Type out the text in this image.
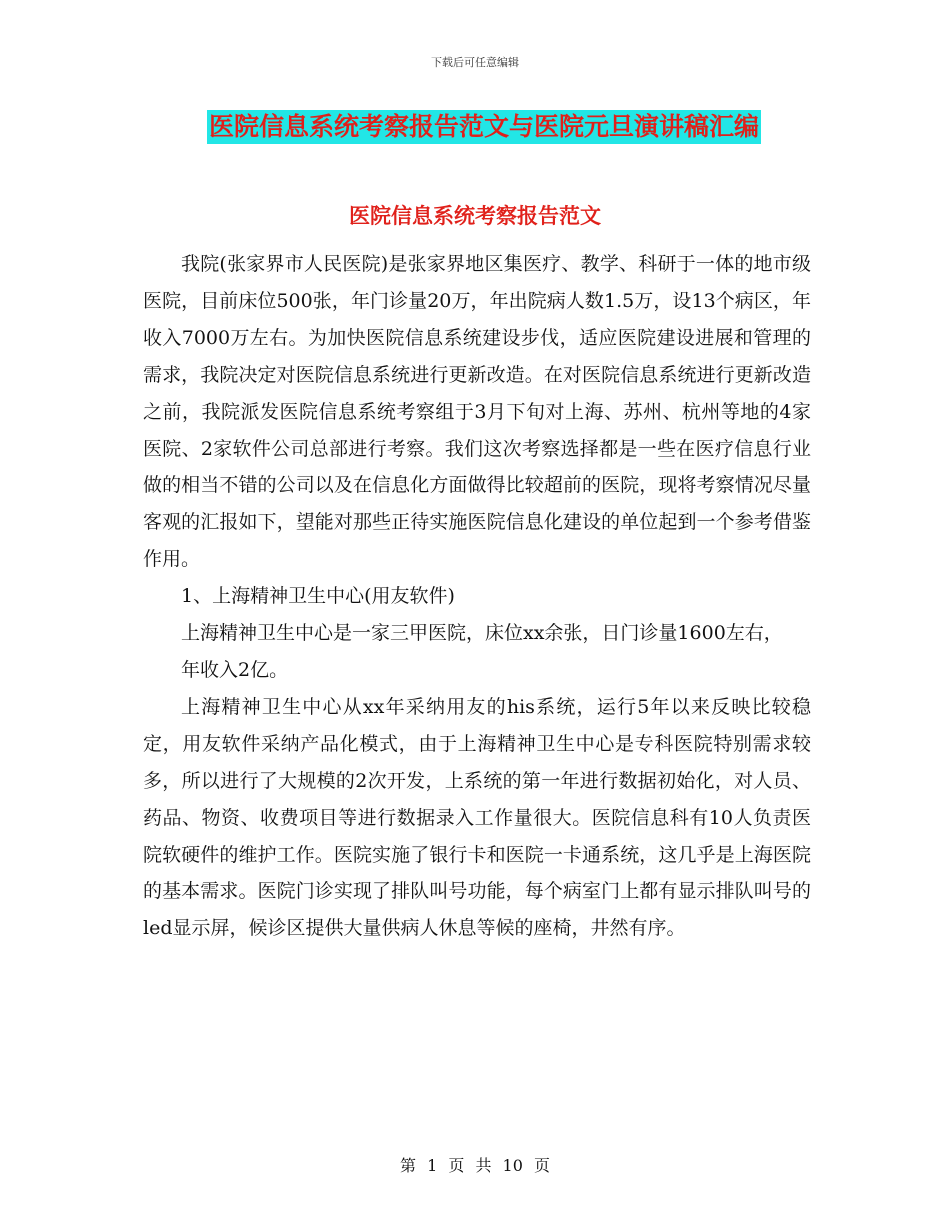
下载后可任意编辑
医院信息系统考察报告范文与医院元旦演讲稿汇编
医院信息系统考察报告范文

我院(张家界市人民医院)是张家界地区集医疗、教学、科研于一体的地市级医院，目前床位500张，年门诊量20万，年出院病人数1.5万，设13个病区，年收入7000万左右。为加快医院信息系统建设步伐，适应医院建设进展和管理的需求，我院决定对医院信息系统进行更新改造。在对医院信息系统进行更新改造之前，我院派发医院信息系统考察组于3月下旬对上海、苏州、杭州等地的4家医院、2家软件公司总部进行考察。我们这次考察选择都是一些在医疗信息行业做的相当不错的公司以及在信息化方面做得比较超前的医院，现将考察情况尽量客观的汇报如下，望能对那些正待实施医院信息化建设的单位起到一个参考借鉴作用。

1、上海精神卫生中心(用友软件)

上海精神卫生中心是一家三甲医院，床位xx余张，日门诊量1600左右，

年收入2亿。

上海精神卫生中心从xx年采纳用友的his系统，运行5年以来反映比较稳定，用友软件采纳产品化模式，由于上海精神卫生中心是专科医院特别需求较多，所以进行了大规模的2次开发，上系统的第一年进行数据初始化，对人员、药品、物资、收费项目等进行数据录入工作量很大。医院信息科有10人负责医院软硬件的维护工作。医院实施了银行卡和医院一卡通系统，这几乎是上海医院的基本需求。医院门诊实现了排队叫号功能，每个病室门上都有显示排队叫号的led显示屏，候诊区提供大量供病人休息等候的座椅，井然有序。

第 1 页 共 10 页
